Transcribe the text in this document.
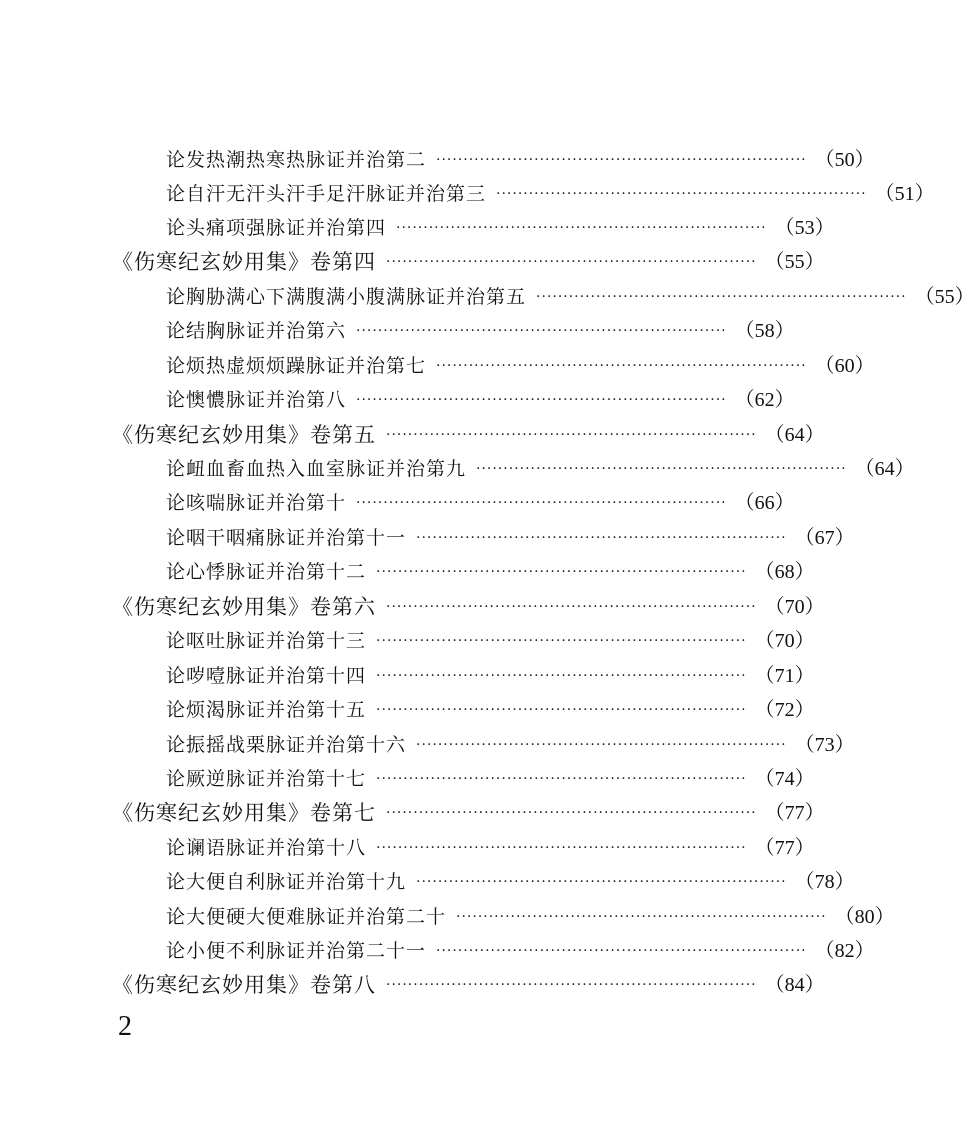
论发热潮热寒热脉证并治第二 ···································································· （50）
论自汗无汗头汗手足汗脉证并治第三 ···································································· （51）
论头痛项强脉证并治第四 ···································································· （53）
《伤寒纪玄妙用集》卷第四 ···································································· （55）
论胸胁满心下满腹满小腹满脉证并治第五 ···································································· （55）
论结胸脉证并治第六 ···································································· （58）
论烦热虚烦烦躁脉证并治第七 ···································································· （60）
论懊憹脉证并治第八 ···································································· （62）
《伤寒纪玄妙用集》卷第五 ···································································· （64）
论衄血畜血热入血室脉证并治第九 ···································································· （64）
论咳喘脉证并治第十 ···································································· （66）
论咽干咽痛脉证并治第十一 ···································································· （67）
论心悸脉证并治第十二 ···································································· （68）
《伤寒纪玄妙用集》卷第六 ···································································· （70）
论呕吐脉证并治第十三 ···································································· （70）
论哕噎脉证并治第十四 ···································································· （71）
论烦渴脉证并治第十五 ···································································· （72）
论振摇战栗脉证并治第十六 ···································································· （73）
论厥逆脉证并治第十七 ···································································· （74）
《伤寒纪玄妙用集》卷第七 ···································································· （77）
论谰语脉证并治第十八 ···································································· （77）
论大便自利脉证并治第十九 ···································································· （78）
论大便硬大便难脉证并治第二十 ···································································· （80）
论小便不利脉证并治第二十一 ···································································· （82）
《伤寒纪玄妙用集》卷第八 ···································································· （84）
2
